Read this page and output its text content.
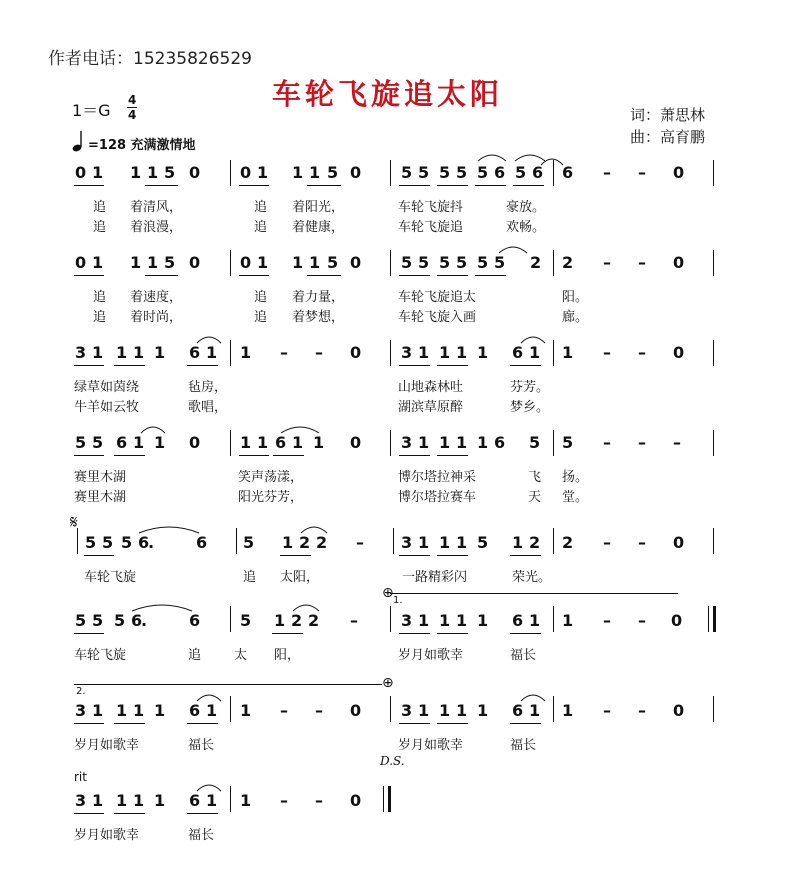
作者电话：15235826529
车轮飞旋追太阳
1＝G
4
4
=128 充满激情地
词：萧思林
曲：高育鹏
𝄋
rit
D.S.
1.
2.
⊕
⊕
0 1 1 1 5 0 0 1 1 1 5 0 5 5 5 5 5 6 5 6 6 – – 0
追 着清风，	追 着阳光，	车轮飞旋抖	豪放。
追 着浪漫，	追 着健康，	车轮飞旋追	欢畅。
0 1 1 1 5 0 0 1 1 1 5 0 5 5 5 5 5 5 2 2 – – 0
追 着速度，	追 着力量，	车轮飞旋追太	阳。
追 着时尚，	追 着梦想，	车轮飞旋入画	廊。
3 1 1 1 1 6 1 1 – – 0 3 1 1 1 1 6 1 1 – – 0
绿草如茵绕	毡房，	山地森林吐	芬芳。
牛羊如云牧	歌唱，	湖滨草原醉	梦乡。
5 5 6 1 1 0 1 1 6 1 1 0 3 1 1 1 1 6 5 5 – – –
赛里木湖	笑声荡漾，	博尔塔拉神采	飞 扬。
赛里木湖	阳光芬芳，	博尔塔拉赛车	天 堂。
5 5 5 6
.	6 5 1 2 2 – 3 1 1 1 5 1 2 2 – – 0
车轮飞旋	追 太阳，	一路精彩闪	荣光。
5 5 5 6
.	6 5 1 2 2 –	3 1 1 1 1 6 1 1 – – 0
车轮飞旋	追	太 阳，	岁月如歌幸	福长
3 1 1 1 1 6 1 1 – – 0 3 1 1 1 1 6 1 1 – – 0
岁月如歌幸	福长	岁月如歌幸	福长
3 1 1 1 1 6 1 1 – – 0
岁月如歌幸	福长
